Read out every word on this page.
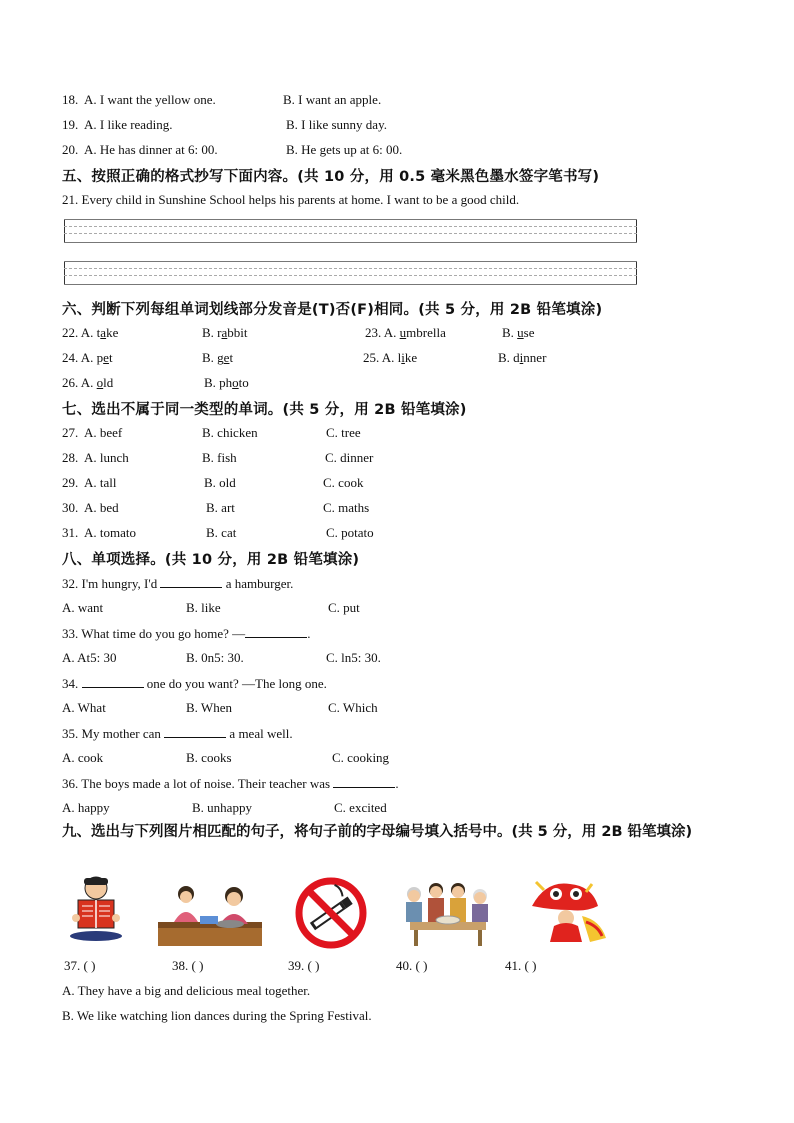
18. A. I want the yellow one.	B. I want an apple.
19. A. I like reading.	B. I like sunny day.
20. A. He has dinner at 6: 00.	B. He gets up at 6: 00.
五、按照正确的格式抄写下面内容。(共 10 分，用 0.5 毫米黑色墨水签字笔书写)
21. Every child in Sunshine School helps his parents at home. I want to be a good child.
六、判断下列每组单词划线部分发音是(T)否(F)相同。(共 5 分，用 2B 铅笔填涂)
22. A. take	B. rabbit	23. A. umbrella	B. use
24. A. pet	B. get	25. A. like	B. dinner
26. A. old	B. photo
七、选出不属于同一类型的单词。(共 5 分，用 2B 铅笔填涂)
27. A. beef	B. chicken	C. tree
28. A. lunch	B. fish	C. dinner
29. A. tall	B. old	C. cook
30. A. bed	B. art	C. maths
31. A. tomato	B. cat	C. potato
八、单项选择。(共 10 分，用 2B 铅笔填涂)
32. I'm hungry, I'd	a hamburger.
A. want	B. like	C. put
33. What time do you go home? —	.
A. At5: 30	B. 0n5: 30.	C. ln5: 30.
34.	one do you want? —The long one.
A. What	B. When	C. Which
35. My mother can	a meal well.
A. cook	B. cooks	C. cooking
36. The boys made a lot of noise. Their teacher was	.
A. happy	B. unhappy	C. excited
九、选出与下列图片相匹配的句子，将句子前的字母编号填入括号中。(共 5 分，用 2B 铅笔填涂)
37. ( )	38. ( )	39. ( )	40. ( )	41. ( )
A. They have a big and delicious meal together.
B. We like watching lion dances during the Spring Festival.
